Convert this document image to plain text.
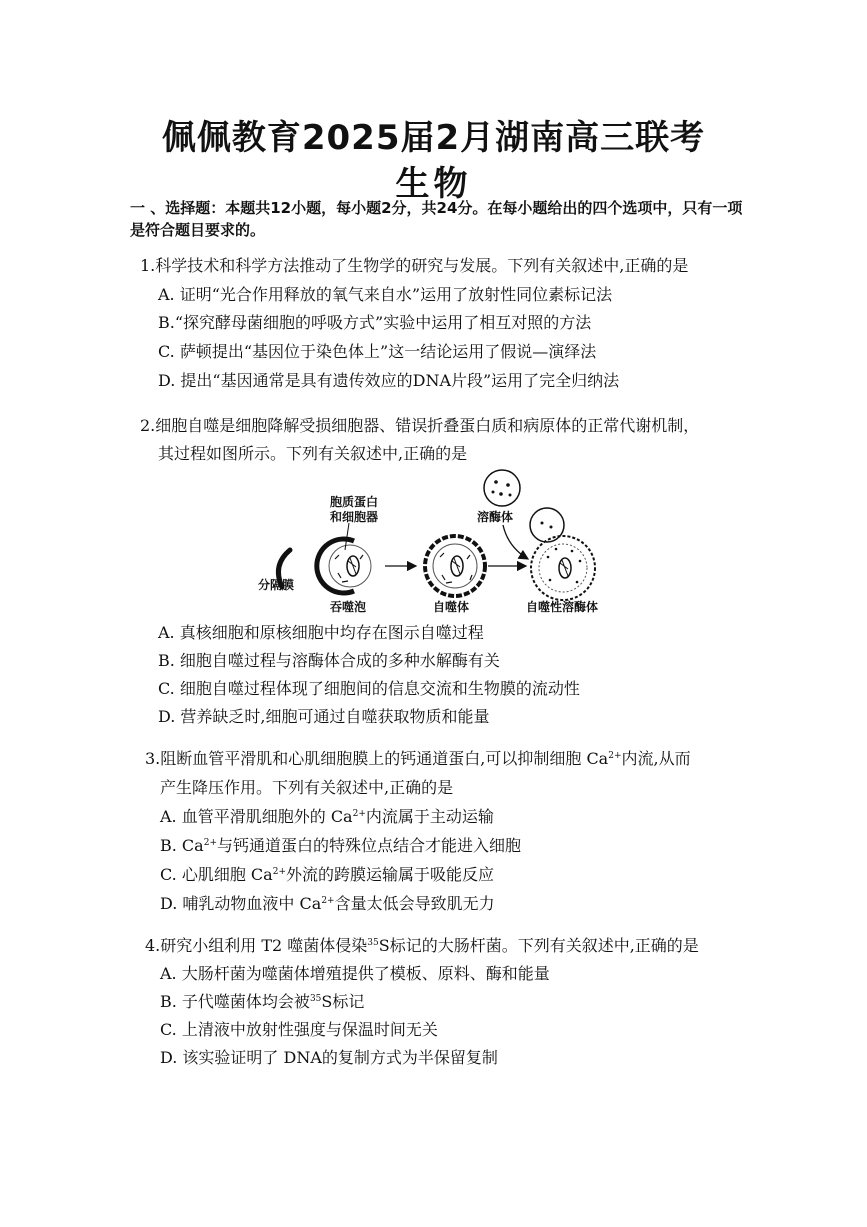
佩佩教育2025届2月湖南高三联考
生物
一 、选择题：本题共12小题，每小题2分，共24分。在每小题给出的四个选项中，只有一项是符合题目要求的。
1.科学技术和科学方法推动了生物学的研究与发展。下列有关叙述中,正确的是
A. 证明“光合作用释放的氧气来自水”运用了放射性同位素标记法
B.“探究酵母菌细胞的呼吸方式”实验中运用了相互对照的方法
C. 萨顿提出“基因位于染色体上”这一结论运用了假说—演绎法
D. 提出“基因通常是具有遗传效应的DNA片段”运用了完全归纳法
2.细胞自噬是细胞降解受损细胞器、错误折叠蛋白质和病原体的正常代谢机制，
其过程如图所示。下列有关叙述中,正确的是
分隔膜
胞质蛋白
和细胞器
吞噬泡	自噬体
溶酶体
自噬性溶酶体
A. 真核细胞和原核细胞中均存在图示自噬过程
B. 细胞自噬过程与溶酶体合成的多种水解酶有关
C. 细胞自噬过程体现了细胞间的信息交流和生物膜的流动性
D. 营养缺乏时,细胞可通过自噬获取物质和能量
3.阻断血管平滑肌和心肌细胞膜上的钙通道蛋白,可以抑制细胞 $Ca^{2+}$内流,从而
产生降压作用。下列有关叙述中,正确的是
A. 血管平滑肌细胞外的 $Ca^{2+}$内流属于主动运输
B. $Ca^{2+}$与钙通道蛋白的特殊位点结合才能进入细胞
C. 心肌细胞 $Ca^{2+}$外流的跨膜运输属于吸能反应
D. 哺乳动物血液中 $Ca^{2+}$含量太低会导致肌无力
4.研究小组利用 T2 噬菌体侵染$^{35}$S标记的大肠杆菌。下列有关叙述中,正确的是
A. 大肠杆菌为噬菌体增殖提供了模板、原料、酶和能量
B. 子代噬菌体均会被$^{35}$S标记
C. 上清液中放射性强度与保温时间无关
D. 该实验证明了 DNA的复制方式为半保留复制
